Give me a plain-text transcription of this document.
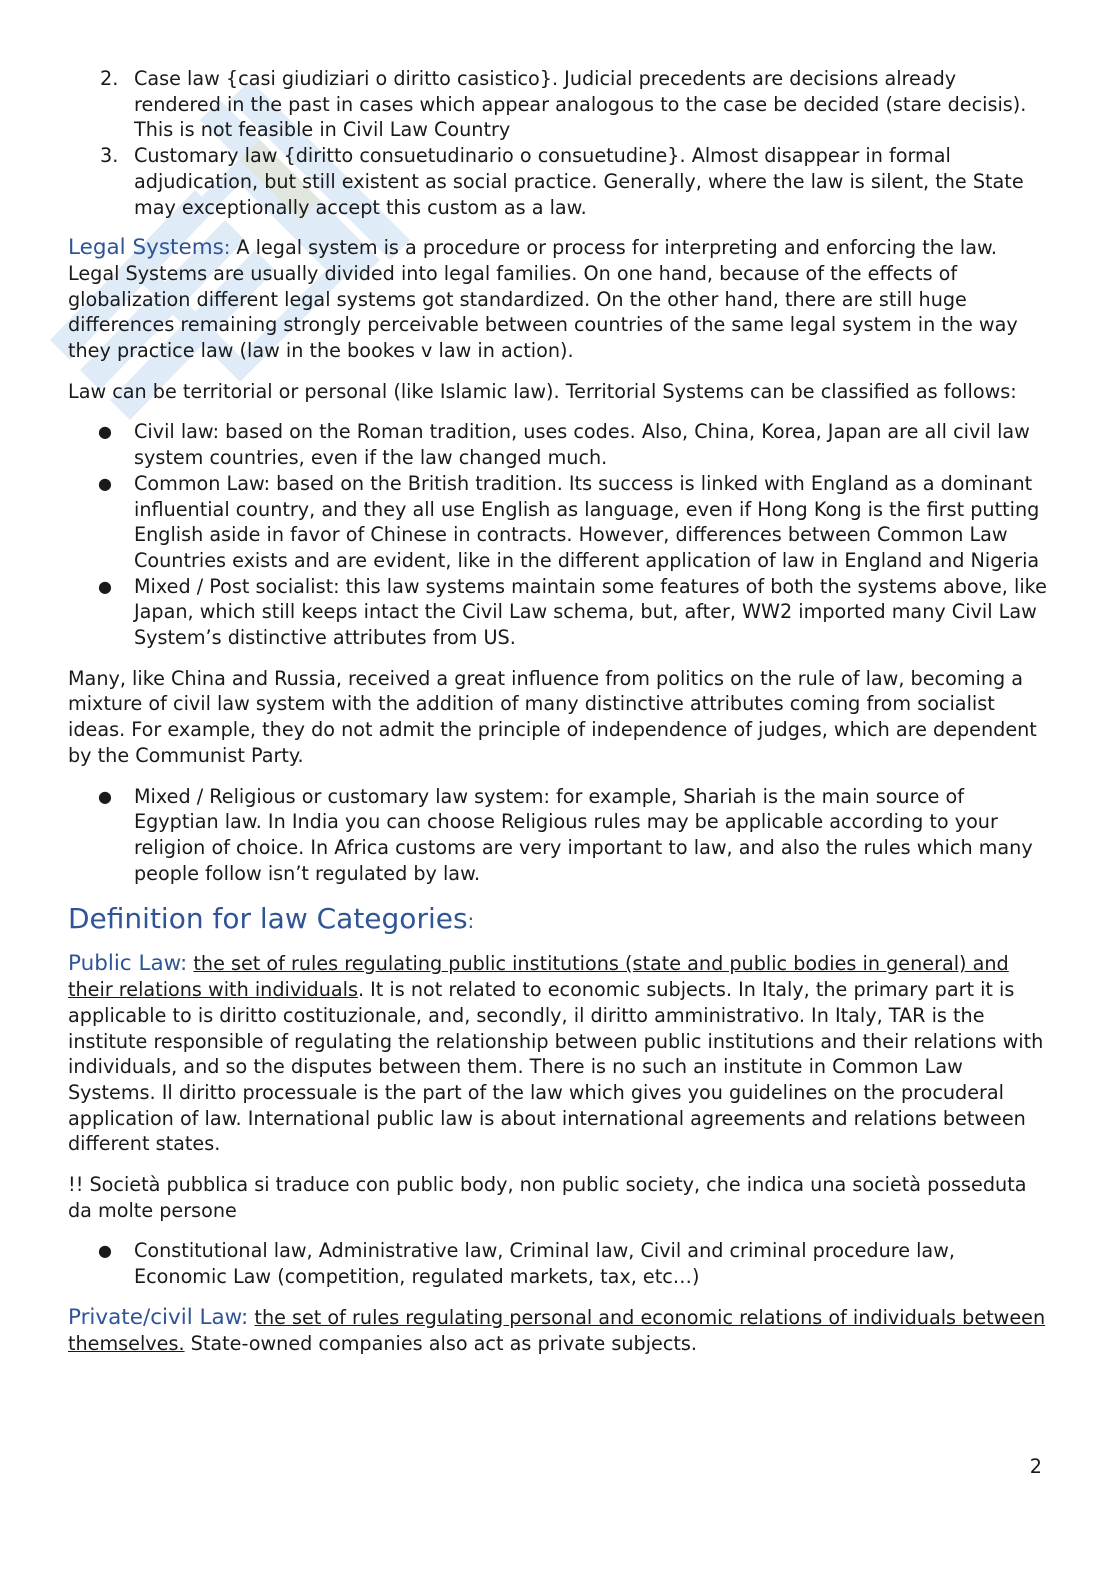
2. Case law {casi giudiziari o diritto casistico}. Judicial precedents are decisions already rendered in the past in cases which appear analogous to the case be decided (stare decisis). This is not feasible in Civil Law Country
3. Customary law {diritto consuetudinario o consuetudine}. Almost disappear in formal adjudication, but still existent as social practice. Generally, where the law is silent, the State may exceptionally accept this custom as a law.

Legal Systems: A legal system is a procedure or process for interpreting and enforcing the law. Legal Systems are usually divided into legal families. On one hand, because of the effects of globalization different legal systems got standardized. On the other hand, there are still huge differences remaining strongly perceivable between countries of the same legal system in the way they practice law (law in the bookes v law in action).

Law can be territorial or personal (like Islamic law). Territorial Systems can be classified as follows:

● Civil law: based on the Roman tradition, uses codes. Also, China, Korea, Japan are all civil law system countries, even if the law changed much.
● Common Law: based on the British tradition. Its success is linked with England as a dominant influential country, and they all use English as language, even if Hong Kong is the first putting English aside in favor of Chinese in contracts. However, differences between Common Law Countries exists and are evident, like in the different application of law in England and Nigeria
● Mixed / Post socialist: this law systems maintain some features of both the systems above, like Japan, which still keeps intact the Civil Law schema, but, after, WW2 imported many Civil Law System’s distinctive attributes from US.

Many, like China and Russia, received a great influence from politics on the rule of law, becoming a mixture of civil law system with the addition of many distinctive attributes coming from socialist ideas. For example, they do not admit the principle of independence of judges, which are dependent by the Communist Party.

● Mixed / Religious or customary law system: for example, Shariah is the main source of Egyptian law. In India you can choose Religious rules may be applicable according to your religion of choice. In Africa customs are very important to law, and also the rules which many people follow isn’t regulated by law.
Definition for law Categories:

Public Law: the set of rules regulating public institutions (state and public bodies in general) and their relations with individuals. It is not related to economic subjects. In Italy, the primary part it is applicable to is diritto costituzionale, and, secondly, il diritto amministrativo. In Italy, TAR is the institute responsible of regulating the relationship between public institutions and their relations with individuals, and so the disputes between them. There is no such an institute in Common Law Systems. Il diritto processuale is the part of the law which gives you guidelines on the procuderal application of law. International public law is about international agreements and relations between different states.

!! Società pubblica si traduce con public body, non public society, che indica una società posseduta da molte persone

● Constitutional law, Administrative law, Criminal law, Civil and criminal procedure law, Economic Law (competition, regulated markets, tax, etc…)

Private/civil Law: the set of rules regulating personal and economic relations of individuals between themselves. State-owned companies also act as private subjects.

2
